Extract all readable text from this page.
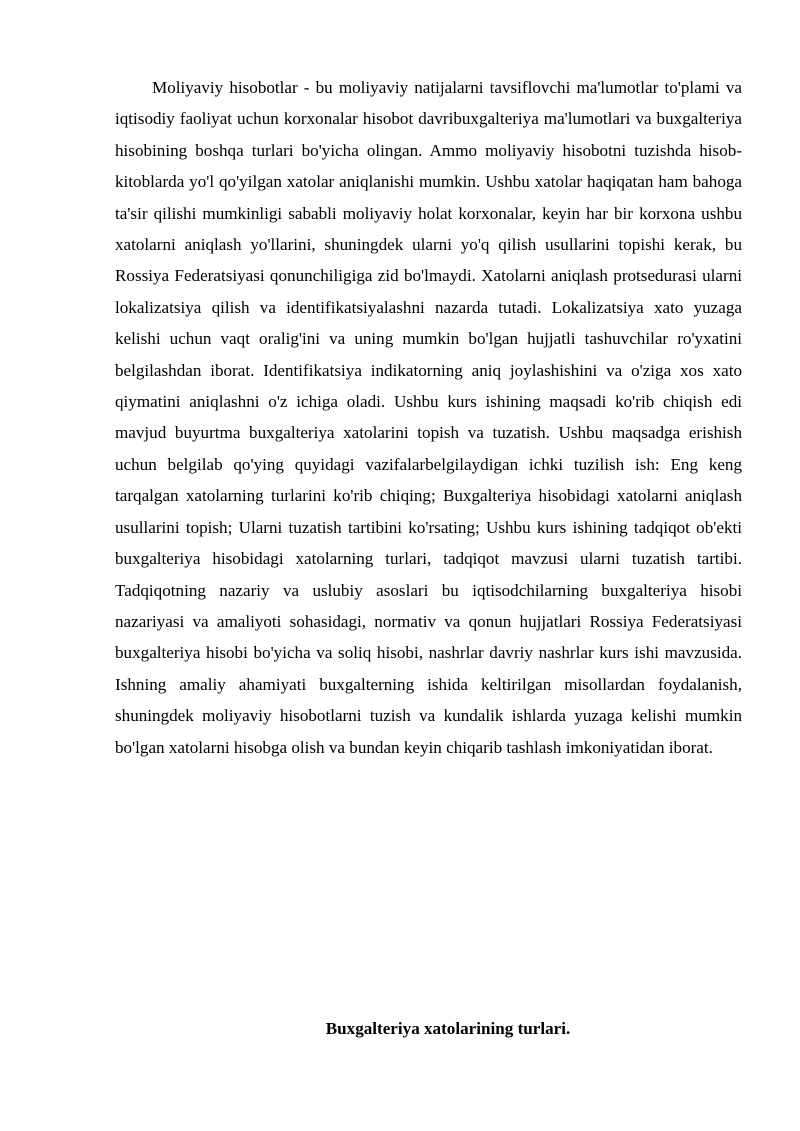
Moliyaviy hisobotlar - bu moliyaviy natijalarni tavsiflovchi ma'lumotlar to'plami va iqtisodiy faoliyat uchun korxonalar hisobot davribuxgalteriya ma'lumotlari va buxgalteriya hisobining boshqa turlari bo'yicha olingan. Ammo moliyaviy hisobotni tuzishda hisob-kitoblarda yo'l qo'yilgan xatolar aniqlanishi mumkin. Ushbu xatolar haqiqatan ham bahoga ta'sir qilishi mumkinligi sababli moliyaviy holat korxonalar, keyin har bir korxona ushbu xatolarni aniqlash yo'llarini, shuningdek ularni yo'q qilish usullarini topishi kerak, bu Rossiya Federatsiyasi qonunchiligiga zid bo'lmaydi. Xatolarni aniqlash protsedurasi ularni lokalizatsiya qilish va identifikatsiyalashni nazarda tutadi. Lokalizatsiya xato yuzaga kelishi uchun vaqt oralig'ini va uning mumkin bo'lgan hujjatli tashuvchilar ro'yxatini belgilashdan iborat. Identifikatsiya indikatorning aniq joylashishini va o'ziga xos xato qiymatini aniqlashni o'z ichiga oladi. Ushbu kurs ishining maqsadi ko'rib chiqish edi mavjud buyurtma buxgalteriya xatolarini topish va tuzatish. Ushbu maqsadga erishish uchun belgilab qo'ying quyidagi vazifalarbelgilaydigan ichki tuzilish ish: Eng keng tarqalgan xatolarning turlarini ko'rib chiqing; Buxgalteriya hisobidagi xatolarni aniqlash usullarini topish; Ularni tuzatish tartibini ko'rsating; Ushbu kurs ishining tadqiqot ob'ekti buxgalteriya hisobidagi xatolarning turlari, tadqiqot mavzusi ularni tuzatish tartibi. Tadqiqotning nazariy va uslubiy asoslari bu iqtisodchilarning buxgalteriya hisobi nazariyasi va amaliyoti sohasidagi, normativ va qonun hujjatlari Rossiya Federatsiyasi buxgalteriya hisobi bo'yicha va soliq hisobi, nashrlar davriy nashrlar kurs ishi mavzusida. Ishning amaliy ahamiyati buxgalterning ishida keltirilgan misollardan foydalanish, shuningdek moliyaviy hisobotlarni tuzish va kundalik ishlarda yuzaga kelishi mumkin bo'lgan xatolarni hisobga olish va bundan keyin chiqarib tashlash imkoniyatidan iborat.

Buxgalteriya xatolarining turlari.
